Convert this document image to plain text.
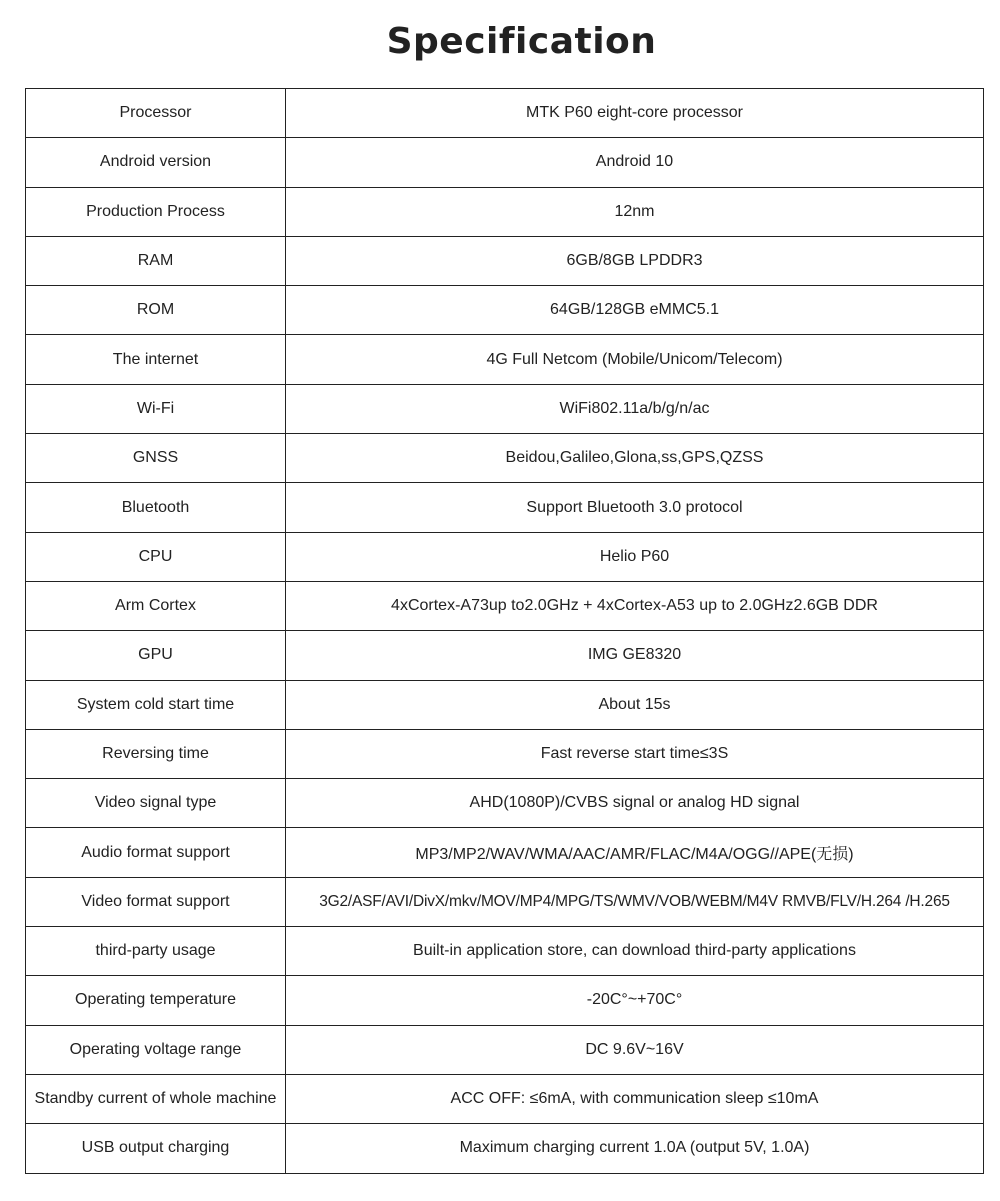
Specification
Processor	MTK P60 eight-core processor
Android version	Android 10
Production Process	12nm
RAM	6GB/8GB LPDDR3
ROM	64GB/128GB eMMC5.1
The internet	4G Full Netcom (Mobile/Unicom/Telecom)
Wi-Fi	WiFi802.11a/b/g/n/ac
GNSS	Beidou,Galileo,Glona,ss,GPS,QZSS
Bluetooth	Support Bluetooth 3.0 protocol
CPU	Helio P60
Arm Cortex	4xCortex-A73up to2.0GHz + 4xCortex-A53 up to 2.0GHz2.6GB DDR
GPU	IMG GE8320
System cold start time	About 15s
Reversing time	Fast reverse start time≤3S
Video signal type	AHD(1080P)/CVBS signal or analog HD signal
Audio format support	MP3/MP2/WAV/WMA/AAC/AMR/FLAC/M4A/OGG//APE(无损)
Video format support	3G2/ASF/AVI/DivX/mkv/MOV/MP4/MPG/TS/WMV/VOB/WEBM/M4V RMVB/FLV/H.264 /H.265
third-party usage	Built-in application store, can download third-party applications
Operating temperature	-20C°~+70C°
Operating voltage range	DC 9.6V~16V
Standby current of whole machine	ACC OFF: ≤6mA, with communication sleep ≤10mA
USB output charging	Maximum charging current 1.0A (output 5V, 1.0A)
